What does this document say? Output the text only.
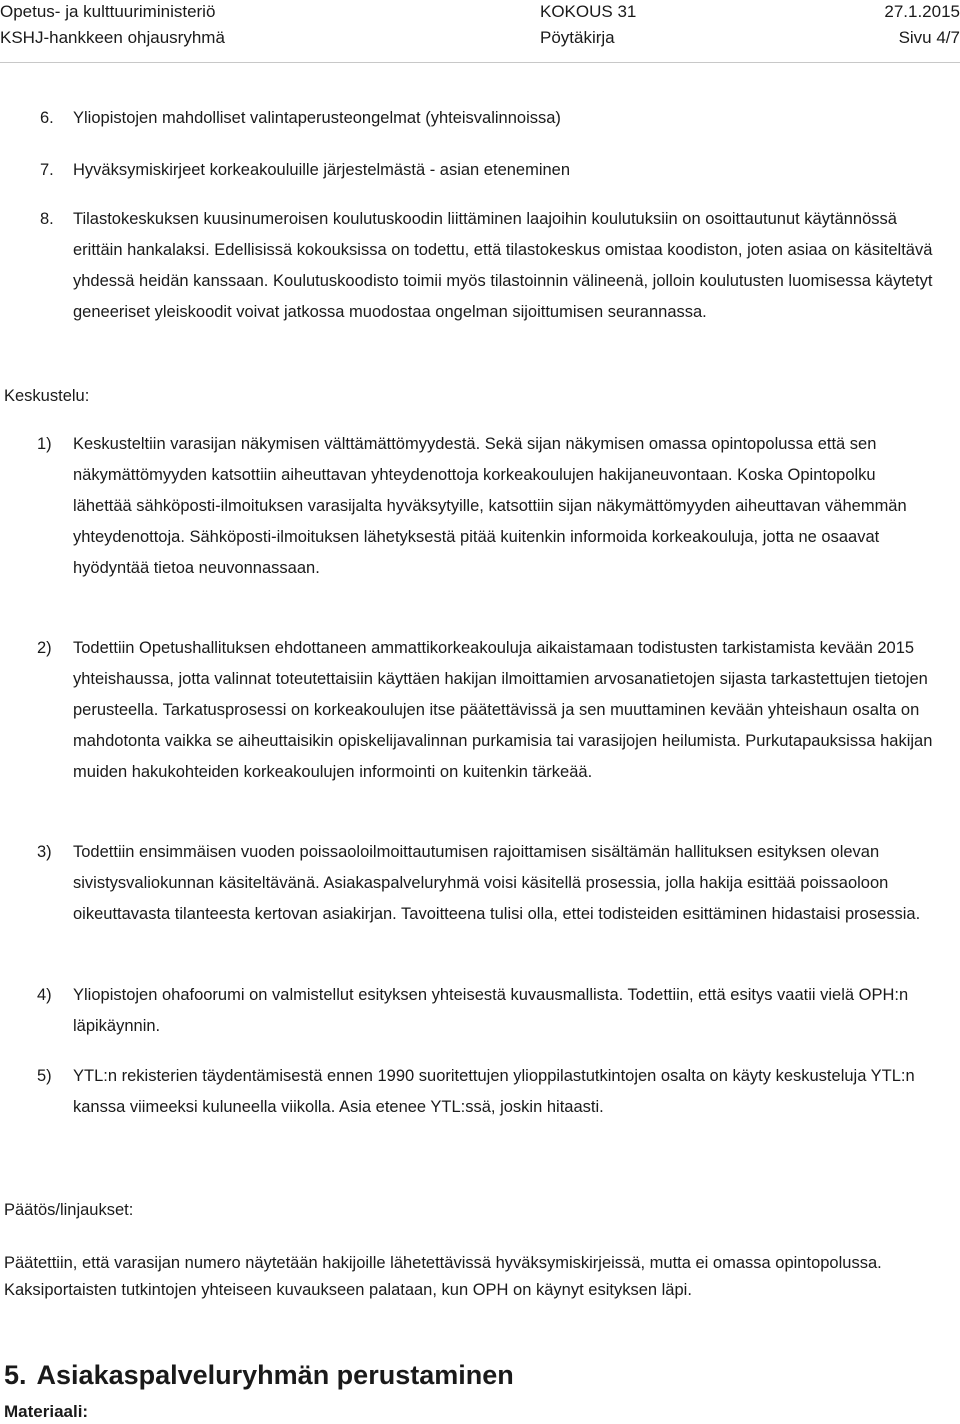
Opetus- ja kulttuuriministeriö	KOKOUS 31	27.1.2015
KSHJ-hankkeen ohjausryhmä	Pöytäkirja	Sivu 4/7
6. Yliopistojen mahdolliset valintaperusteongelmat (yhteisvalinnoissa)
7. Hyväksymiskirjeet korkeakouluille järjestelmästä - asian eteneminen
8. Tilastokeskuksen kuusinumeroisen koulutuskoodin liittäminen laajoihin koulutuksiin on osoittautunut käytännössä erittäin hankalaksi. Edellisissä kokouksissa on todettu, että tilastokeskus omistaa koodiston, joten asiaa on käsiteltävä yhdessä heidän kanssaan. Koulutuskoodisto toimii myös tilastoinnin välineenä, jolloin koulutusten luomisessa käytetyt geneeriset yleiskoodit voivat jatkossa muodostaa ongelman sijoittumisen seurannassa.
Keskustelu:
1) Keskusteltiin varasijan näkymisen välttämättömyydestä. Sekä sijan näkymisen omassa opintopolussa että sen näkymättömyyden katsottiin aiheuttavan yhteydenottoja korkeakoulujen hakijaneuvontaan. Koska Opintopolku lähettää sähköposti-ilmoituksen varasijalta hyväksytyille, katsottiin sijan näkymättömyyden aiheuttavan vähemmän yhteydenottoja. Sähköposti-ilmoituksen lähetyksestä pitää kuitenkin informoida korkeakouluja, jotta ne osaavat hyödyntää tietoa neuvonnassaan.
2) Todettiin Opetushallituksen ehdottaneen ammattikorkeakouluja aikaistamaan todistusten tarkistamista kevään 2015 yhteishaussa, jotta valinnat toteutettaisiin käyttäen hakijan ilmoittamien arvosanatietojen sijasta tarkastettujen tietojen perusteella. Tarkatusprosessi on korkeakoulujen itse päätettävissä ja sen muuttaminen kevään yhteishaun osalta on mahdotonta vaikka se aiheuttaisikin opiskelijavalinnan purkamisia tai varasijojen heilumista. Purkutapauksissa hakijan muiden hakukohteiden korkeakoulujen informointi on kuitenkin tärkeää.
3) Todettiin ensimmäisen vuoden poissaoloilmoittautumisen rajoittamisen sisältämän hallituksen esityksen olevan sivistysvaliokunnan käsiteltävänä. Asiakaspalveluryhmä voisi käsitellä prosessia, jolla hakija esittää poissaoloon oikeuttavasta tilanteesta kertovan asiakirjan. Tavoitteena tulisi olla, ettei todisteiden esittäminen hidastaisi prosessia.
4) Yliopistojen ohafoorumi on valmistellut esityksen yhteisestä kuvausmallista. Todettiin, että esitys vaatii vielä OPH:n läpikäynnin.
5) YTL:n rekisterien täydentämisestä ennen 1990 suoritettujen ylioppilastutkintojen osalta on käyty keskusteluja YTL:n kanssa viimeeksi kuluneella viikolla. Asia etenee YTL:ssä, joskin hitaasti.
Päätös/linjaukset:
Päätettiin, että varasijan numero näytetään hakijoille lähetettävissä hyväksymiskirjeissä, mutta ei omassa opintopolussa. Kaksiportaisten tutkintojen yhteiseen kuvaukseen palataan, kun OPH on käynyt esityksen läpi.
5. Asiakaspalveluryhmän perustaminen
Materiaali:
